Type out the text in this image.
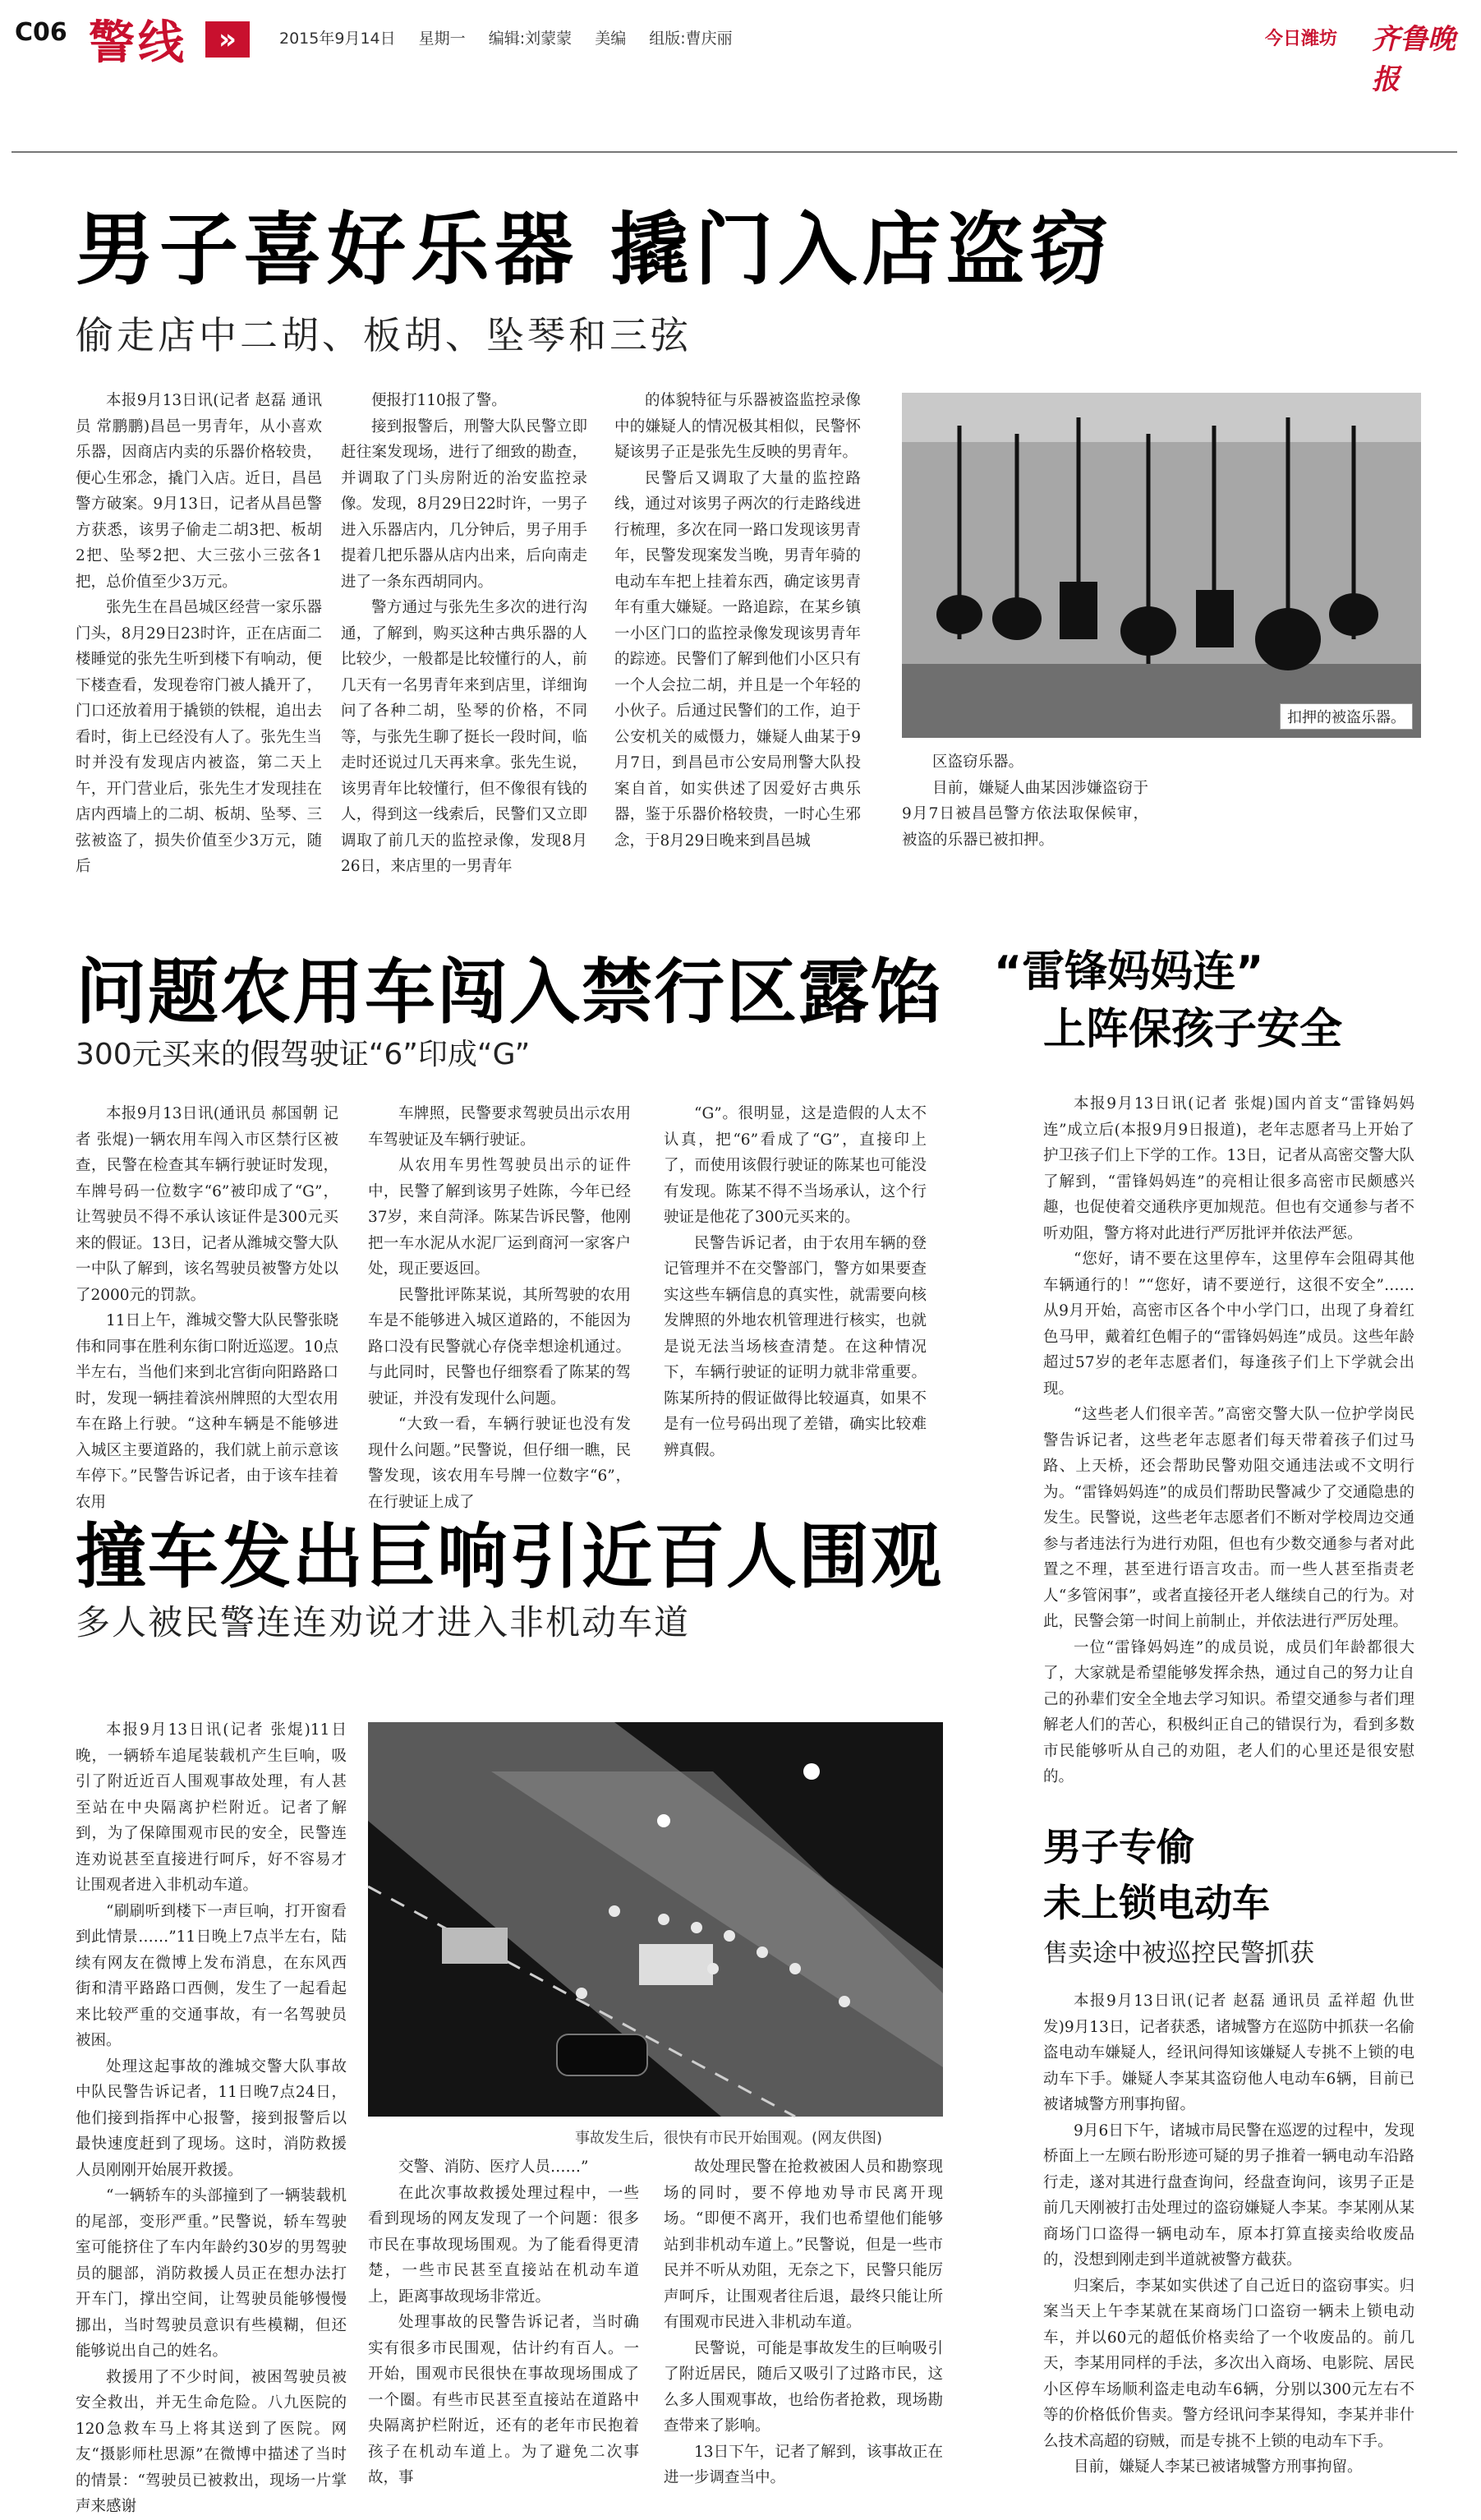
C06 警线	»	2015年9月14日 星期一 编辑:刘蒙蒙 美编 组版:曹庆丽	今日潍坊 齐鲁晚报
男子喜好乐器 撬门入店盗窃
偷走店中二胡、板胡、坠琴和三弦

本报9月13日讯(记者 赵磊 通讯员 常鹏鹏)昌邑一男青年，从小喜欢乐器，因商店内卖的乐器价格较贵，便心生邪念，撬门入店。近日，昌邑警方破案。9月13日，记者从昌邑警方获悉，该男子偷走二胡3把、板胡2把、坠琴2把、大三弦小三弦各1把，总价值至少3万元。

张先生在昌邑城区经营一家乐器门头，8月29日23时许，正在店面二楼睡觉的张先生听到楼下有响动，便下楼查看，发现卷帘门被人撬开了，门口还放着用于撬锁的铁棍，追出去看时，街上已经没有人了。张先生当时并没有发现店内被盗，第二天上午，开门营业后，张先生才发现挂在店内西墙上的二胡、板胡、坠琴、三弦被盗了，损失价值至少3万元，随后

便报打110报了警。

接到报警后，刑警大队民警立即赶往案发现场，进行了细致的勘查，并调取了门头房附近的治安监控录像。发现，8月29日22时许，一男子进入乐器店内，几分钟后，男子用手提着几把乐器从店内出来，后向南走进了一条东西胡同内。

警方通过与张先生多次的进行沟通，了解到，购买这种古典乐器的人比较少，一般都是比较懂行的人，前几天有一名男青年来到店里，详细询问了各种二胡，坠琴的价格，不同等，与张先生聊了挺长一段时间，临走时还说过几天再来拿。张先生说，该男青年比较懂行，但不像很有钱的人，得到这一线索后，民警们又立即调取了前几天的监控录像，发现8月26日，来店里的一男青年

的体貌特征与乐器被盗监控录像中的嫌疑人的情况极其相似，民警怀疑该男子正是张先生反映的男青年。

民警后又调取了大量的监控路线，通过对该男子两次的行走路线进行梳理，多次在同一路口发现该男青年，民警发现案发当晚，男青年骑的电动车车把上挂着东西，确定该男青年有重大嫌疑。一路追踪，在某乡镇一小区门口的监控录像发现该男青年的踪迹。民警们了解到他们小区只有一个人会拉二胡，并且是一个年轻的小伙子。后通过民警们的工作，迫于公安机关的威慑力，嫌疑人曲某于9月7日，到昌邑市公安局刑警大队投案自首，如实供述了因爱好古典乐器，鉴于乐器价格较贵，一时心生邪念，于8月29日晚来到昌邑城

扣押的被盗乐器。

区盗窃乐器。

目前，嫌疑人曲某因涉嫌盗窃于9月7日被昌邑警方依法取保候审，被盗的乐器已被扣押。

问题农用车闯入禁行区露馅
300元买来的假驾驶证“6”印成“G”

本报9月13日讯(通讯员 郝国朝 记者 张焜)一辆农用车闯入市区禁行区被查，民警在检查其车辆行驶证时发现，车牌号码一位数字“6”被印成了“G”，让驾驶员不得不承认该证件是300元买来的假证。13日，记者从潍城交警大队一中队了解到，该名驾驶员被警方处以了2000元的罚款。

11日上午，潍城交警大队民警张晓伟和同事在胜利东街口附近巡逻。10点半左右，当他们来到北宫街向阳路路口时，发现一辆挂着滨州牌照的大型农用车在路上行驶。“这种车辆是不能够进入城区主要道路的，我们就上前示意该车停下。”民警告诉记者，由于该车挂着农用

车牌照，民警要求驾驶员出示农用车驾驶证及车辆行驶证。

从农用车男性驾驶员出示的证件中，民警了解到该男子姓陈，今年已经37岁，来自菏泽。陈某告诉民警，他刚把一车水泥从水泥厂运到商河一家客户处，现正要返回。

民警批评陈某说，其所驾驶的农用车是不能够进入城区道路的，不能因为路口没有民警就心存侥幸想途机通过。与此同时，民警也仔细察看了陈某的驾驶证，并没有发现什么问题。

“大致一看，车辆行驶证也没有发现什么问题。”民警说，但仔细一瞧，民警发现，该农用车号牌一位数字“6”，在行驶证上成了

“G”。很明显，这是造假的人太不认真，把“6”看成了“G”，直接印上了，而使用该假行驶证的陈某也可能没有发现。陈某不得不当场承认，这个行驶证是他花了300元买来的。

民警告诉记者，由于农用车辆的登记管理并不在交警部门，警方如果要查实这些车辆信息的真实性，就需要向核发牌照的外地农机管理进行核实，也就是说无法当场核查清楚。在这种情况下，车辆行驶证的证明力就非常重要。陈某所持的假证做得比较逼真，如果不是有一位号码出现了差错，确实比较难辨真假。

“雷锋妈妈连”
上阵保孩子安全

本报9月13日讯(记者 张焜)国内首支“雷锋妈妈连”成立后(本报9月9日报道)，老年志愿者马上开始了护卫孩子们上下学的工作。13日，记者从高密交警大队了解到，“雷锋妈妈连”的亮相让很多高密市民颇感兴趣，也促使着交通秩序更加规范。但也有交通参与者不听劝阻，警方将对此进行严厉批评并依法严惩。

“您好，请不要在这里停车，这里停车会阻碍其他车辆通行的！”“您好，请不要逆行，这很不安全”……从9月开始，高密市区各个中小学门口，出现了身着红色马甲，戴着红色帽子的“雷锋妈妈连”成员。这些年龄超过57岁的老年志愿者们，每逢孩子们上下学就会出现。

“这些老人们很辛苦。”高密交警大队一位护学岗民警告诉记者，这些老年志愿者们每天带着孩子们过马路、上天桥，还会帮助民警劝阻交通违法或不文明行为。“雷锋妈妈连”的成员们帮助民警减少了交通隐患的发生。民警说，这些老年志愿者们不断对学校周边交通参与者违法行为进行劝阻，但也有少数交通参与者对此置之不理，甚至进行语言攻击。而一些人甚至指责老人“多管闲事”，或者直接径开老人继续自己的行为。对此，民警会第一时间上前制止，并依法进行严厉处理。

一位“雷锋妈妈连”的成员说，成员们年龄都很大了，大家就是希望能够发挥余热，通过自己的努力让自己的孙辈们安全全地去学习知识。希望交通参与者们理解老人们的苦心，积极纠正自己的错误行为，看到多数市民能够听从自己的劝阻，老人们的心里还是很安慰的。

撞车发出巨响引近百人围观
多人被民警连连劝说才进入非机动车道

本报9月13日讯(记者 张焜)11日晚，一辆轿车追尾装载机产生巨响，吸引了附近近百人围观事故处理，有人甚至站在中央隔离护栏附近。记者了解到，为了保障围观市民的安全，民警连连劝说甚至直接进行呵斥，好不容易才让围观者进入非机动车道。

“刷刷听到楼下一声巨响，打开窗看到此情景……”11日晚上7点半左右，陆续有网友在微博上发布消息，在东风西街和清平路路口西侧，发生了一起看起来比较严重的交通事故，有一名驾驶员被困。

处理这起事故的潍城交警大队事故中队民警告诉记者，11日晚7点24日，他们接到指挥中心报警，接到报警后以最快速度赶到了现场。这时，消防救援人员刚刚开始展开救援。

“一辆轿车的头部撞到了一辆装载机的尾部，变形严重。”民警说，轿车驾驶室可能挤住了车内年龄约30岁的男驾驶员的腿部，消防救援人员正在想办法打开车门，撑出空间，让驾驶员能够慢慢挪出，当时驾驶员意识有些模糊，但还能够说出自己的姓名。

救援用了不少时间，被困驾驶员被安全救出，并无生命危险。八九医院的120急救车马上将其送到了医院。网友“摄影师杜思源”在微博中描述了当时的情景：“驾驶员已被救出，现场一片掌声来感谢

事故发生后，很快有市民开始围观。(网友供图)

交警、消防、医疗人员……”

在此次事故救援处理过程中，一些看到现场的网友发现了一个问题：很多市民在事故现场围观。为了能看得更清楚，一些市民甚至直接站在机动车道上，距离事故现场非常近。

处理事故的民警告诉记者，当时确实有很多市民围观，估计约有百人。一开始，围观市民很快在事故现场围成了一个圈。有些市民甚至直接站在道路中央隔离护栏附近，还有的老年市民抱着孩子在机动车道上。为了避免二次事故，事

故处理民警在抢救被困人员和勘察现场的同时，要不停地劝导市民离开现场。“即便不离开，我们也希望他们能够站到非机动车道上。”民警说，但是一些市民并不听从劝阻，无奈之下，民警只能厉声呵斥，让围观者往后退，最终只能让所有围观市民进入非机动车道。

民警说，可能是事故发生的巨响吸引了附近居民，随后又吸引了过路市民，这么多人围观事故，也给伤者抢救，现场勘查带来了影响。

13日下午，记者了解到，该事故正在进一步调查当中。

男子专偷
未上锁电动车
售卖途中被巡控民警抓获

本报9月13日讯(记者 赵磊 通讯员 孟祥超 仇世发)9月13日，记者获悉，诸城警方在巡防中抓获一名偷盗电动车嫌疑人，经讯问得知该嫌疑人专挑不上锁的电动车下手。嫌疑人李某其盗窃他人电动车6辆，目前已被诸城警方刑事拘留。

9月6日下午，诸城市局民警在巡逻的过程中，发现桥面上一左顾右盼形迹可疑的男子推着一辆电动车沿路行走，遂对其进行盘查询问，经盘查询问，该男子正是前几天刚被打击处理过的盗窃嫌疑人李某。李某刚从某商场门口盗得一辆电动车，原本打算直接卖给收废品的，没想到刚走到半道就被警方截获。

归案后，李某如实供述了自己近日的盗窃事实。归案当天上午李某就在某商场门口盗窃一辆未上锁电动车，并以60元的超低价格卖给了一个收废品的。前几天，李某用同样的手法，多次出入商场、电影院、居民小区停车场顺利盗走电动车6辆，分别以300元左右不等的价格低价售卖。警方经讯问李某得知，李某并非什么技术高超的窃贼，而是专挑不上锁的电动车下手。

目前，嫌疑人李某已被诸城警方刑事拘留。
